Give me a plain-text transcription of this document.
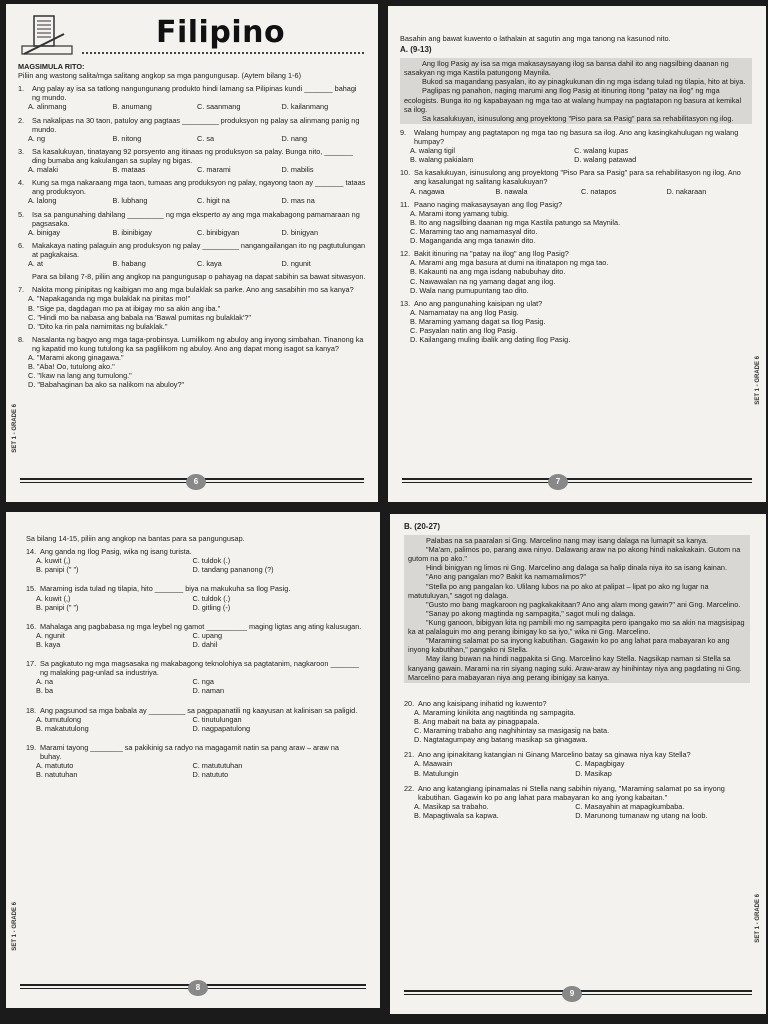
Filipino
MAGSIMULA RITO:
Piliin ang wastong salita/mga salitang angkop sa mga pangungusap. (Aytem bilang 1-6)
1.	Ang palay ay isa sa tatlong nangungunang produkto hindi lamang sa Pilipinas kundi _______ bahagi ng mundo.
A. alinmang	B. anumang	C. saanmang	D. kailanmang
2.	Sa nakalipas na 30 taon, patuloy ang pagtaas _________ produksyon ng palay sa alinmang panig ng mundo.
A. ng	B. nitong	C. sa	D. nang
3.	Sa kasalukuyan, tinatayang 92 porsyento ang itinaas ng produksyon sa palay. Bunga nito, _______ ding bumaba ang kakulangan sa suplay ng bigas.
A. malaki	B. mataas	C. marami	D. mabilis
4.	Kung sa mga nakaraang mga taon, tumaas ang produksyon ng palay, ngayong taon ay _______ tataas ang produksyon.
A. lalong	B. lubhang	C. higit na	D. mas na
5.	Isa sa pangunahing dahilang _________ ng mga eksperto ay ang mga makabagong pamamaraan ng pagsasaka.
A. binigay	B. ibinibigay	C. binibigyan	D. binigyan
6.	Makakaya nating palaguin ang produksyon ng palay _________ nangangailangan ito ng pagtutulungan at pagkakaisa.
A. at	B. habang	C. kaya	D. ngunit
Para sa bilang 7-8, piliin ang angkop na pangungusap o pahayag na dapat sabihin sa bawat sitwasyon.
7.	Nakita mong pinipitas ng kaibigan mo ang mga bulaklak sa parke. Ano ang sasabihin mo sa kanya?
A. "Napakaganda ng mga bulaklak na pinitas mo!"
B. "Sige pa, dagdagan mo pa at ibigay mo sa akin ang iba."
C. "Hindi mo ba nabasa ang babala na 'Bawal pumitas ng bulaklak'?"
D. "Dito ka rin pala namimitas ng bulaklak."
8.	Nasalanta ng bagyo ang mga taga-probinsya. Lumilikom ng abuloy ang inyong simbahan. Tinanong ka ng kapatid mo kung tutulong ka sa paglilikom ng abuloy. Ano ang dapat mong isagot sa kanya?
A. "Marami akong ginagawa."
B. "Aba! Oo, tutulong ako."
C. "Ikaw na lang ang tumulong."
D. "Babahaginan ba ako sa nalikom na abuloy?"
SET 1 - GRADE 6
6
Basahin ang bawat kuwento o lathalain at sagutin ang mga tanong na kasunod nito.
A. (9-13)

Ang Ilog Pasig ay isa sa mga makasaysayang ilog sa bansa dahil ito ang nagsilbing daanan ng sasakyan ng mga Kastila patungong Maynila.

Bukod sa magandang pasyalan, ito ay pinagkukunan din ng mga isdang tulad ng tilapia, hito at biya.

Paglipas ng panahon, naging marumi ang Ilog Pasig at itinuring itong "patay na ilog" ng mga ecologists. Bunga ito ng kapabayaan ng mga tao at walang humpay na pagtatapon ng basura at kemikal sa ilog.

Sa kasalukuyan, isinusulong ang proyektong "Piso para sa Pasig" para sa rehabilitasyon ng ilog.

9.	Walang humpay ang pagtatapon ng mga tao ng basura sa ilog. Ano ang kasingkahulugan ng walang humpay?
A. walang tigil	C. walang kupas
B. walang pakialam	D. walang patawad
10. Sa kasalukuyan, isinusulong ang proyektong "Piso Para sa Pasig" para sa rehabilitasyon ng ilog. Ano ang kasalungat ng salitang kasalukuyan?
A. nagawa	B. nawala	C. natapos	D. nakaraan
11. Paano naging makasaysayan ang Ilog Pasig?
A. Marami itong yamang tubig.
B. Ito ang nagsilbing daanan ng mga Kastila patungo sa Maynila.
C. Maraming tao ang namamasyal dito.
D. Maganganda ang mga tanawin dito.
12. Bakit itinuring na "patay na ilog" ang Ilog Pasig?
A. Marami ang mga basura at dumi na itinatapon ng mga tao.
B. Kakaunti na ang mga isdang nabubuhay dito.
C. Nawawalan na ng yamang dagat ang ilog.
D. Wala nang pumupuntang tao dito.
13. Ano ang pangunahing kaisipan ng ulat?
A. Namamatay na ang Ilog Pasig.
B. Maraming yamang dagat sa Ilog Pasig.
C. Pasyalan natin ang Ilog Pasig.
D. Kailangang muling ibalik ang dating Ilog Pasig.
SET 1 - GRADE 6
7
Sa bilang 14-15, piliin ang angkop na bantas para sa pangungusap.
14. Ang ganda ng Ilog Pasig, wika ng isang turista.
A. kuwit (,)	C. tuldok (.)
B. panipi (" ")	D. tandang pananong (?)
15. Maraming isda tulad ng tilapia, hito _______ biya na makukuha sa Ilog Pasig.
A. kuwit (,)	C. tuldok (.)
B. panipi (" ")	D. gitling (-)
16. Mahalaga ang pagbabasa ng mga leybel ng gamot __________ maging ligtas ang ating kalusugan.
A. ngunit	C. upang
B. kaya	D. dahil
17. Sa pagkatuto ng mga magsasaka ng makabagong teknolohiya sa pagtatanim, nagkaroon _______ ng malaking pag-unlad sa industriya.
A. na	C. nga
B. ba	D. naman
18. Ang pagsunod sa mga babala ay _________ sa pagpapanatili ng kaayusan at kalinisan sa paligid.
A. tumutulong	C. tinutulungan
B. makatutulong	D. nagpapatulong
19. Marami tayong ________ sa pakikinig sa radyo na magagamit natin sa pang araw – araw na buhay.
A. matututo	C. matututuhan
B. natutuhan	D. natututo
SET 1 - GRADE 6
8
B. (20-27)

Palabas na sa paaralan si Gng. Marcelino nang may isang dalaga na lumapit sa kanya.

"Ma'am, palimos po, parang awa ninyo. Dalawang araw na po akong hindi nakakakain. Gutom na gutom na po ako."

Hindi binigyan ng limos ni Gng. Marcelino ang dalaga sa halip dinala niya ito sa isang kainan.

"Ano ang pangalan mo? Bakit ka namamalimos?"

"Stella po ang pangalan ko. Ulilang lubos na po ako at palipat – lipat po ako ng lugar na matutuluyan," sagot ng dalaga.

"Gusto mo bang magkaroon ng pagkakakitaan? Ano ang alam mong gawin?" ani Gng. Marcelino.

"Sanay po akong magtinda ng sampagita," sagot muli ng dalaga.

"Kung ganoon, bibigyan kita ng pambili mo ng sampagita pero ipangako mo sa akin na magsisipag ka at palalaguin mo ang perang ibinigay ko sa iyo," wika ni Gng. Marcelino.

"Maraming salamat po sa inyong kabutihan. Gagawin ko po ang lahat para mabayaran ko ang inyong kabutihan," pangako ni Stella.

May ilang buwan na hindi nagpakita si Gng. Marcelino kay Stella. Nagsikap naman si Stella sa kanyang gawain. Marami na rin siyang naging suki. Araw-araw ay hinihintay niya ang pagdating ni Gng. Marcelino para mabayaran niya ang perang ibinigay sa kanya.

20. Ano ang kaisipang inihatid ng kuwento?
A. Maraming kinikita ang nagtitinda ng sampagita.
B. Ang mabait na bata ay pinagpapala.
C. Maraming trabaho ang naghihintay sa masigasig na bata.
D. Nagtatagumpay ang batang masikap sa ginagawa.
21. Ano ang ipinakitang katangian ni Ginang Marcelino batay sa ginawa niya kay Stella?
A. Maawain	C. Mapagbigay
B. Matulungin	D. Masikap
22. Ano ang katangiang ipinamalas ni Stella nang sabihin niyang, "Maraming salamat po sa inyong kabutihan. Gagawin ko po ang lahat para mabayaran ko ang iyong kabaitan."
A. Masikap sa trabaho.	C. Masayahin at mapagkumbaba.
B. Mapagtiwala sa kapwa.	D. Marunong tumanaw ng utang na loob.
SET 1 - GRADE 6
9
